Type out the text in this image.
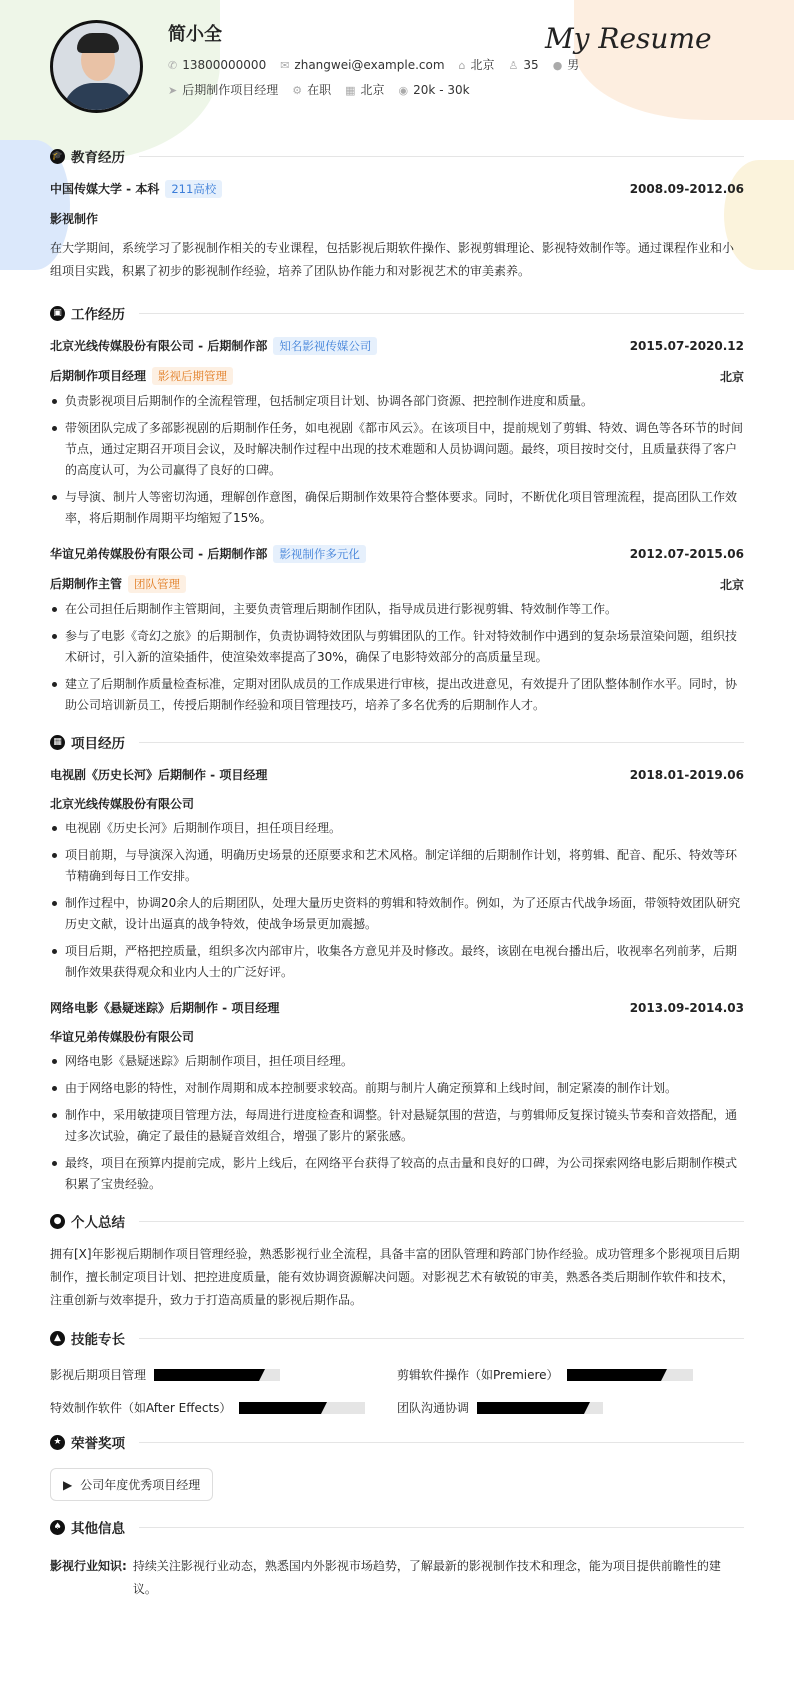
简小全	My Resume
✆ 13800000000 ✉ zhangwei@example.com ⌂ 北京 ♙ 35 ● 男
➤ 后期制作项目经理 ⚙ 在职 ▦ 北京 ◉ 20k - 30k
🎓 教育经历
中国传媒大学 - 本科 211高校	2008.09-2012.06
影视制作

在大学期间，系统学习了影视制作相关的专业课程，包括影视后期软件操作、影视剪辑理论、影视特效制作等。通过课程作业和小组项目实践，积累了初步的影视制作经验，培养了团队协作能力和对影视艺术的审美素养。

▣ 工作经历
北京光线传媒股份有限公司 - 后期制作部 知名影视传媒公司	2015.07-2020.12
后期制作项目经理 影视后期管理	北京
负责影视项目后期制作的全流程管理，包括制定项目计划、协调各部门资源、把控制作进度和质量。
带领团队完成了多部影视剧的后期制作任务，如电视剧《都市风云》。在该项目中，提前规划了剪辑、特效、调色等各环节的时间节点，通过定期召开项目会议，及时解决制作过程中出现的技术难题和人员协调问题。最终，项目按时交付，且质量获得了客户的高度认可，为公司赢得了良好的口碑。
与导演、制片人等密切沟通，理解创作意图，确保后期制作效果符合整体要求。同时，不断优化项目管理流程，提高团队工作效率，将后期制作周期平均缩短了15%。
华谊兄弟传媒股份有限公司 - 后期制作部 影视制作多元化	2012.07-2015.06
后期制作主管 团队管理	北京
在公司担任后期制作主管期间，主要负责管理后期制作团队，指导成员进行影视剪辑、特效制作等工作。
参与了电影《奇幻之旅》的后期制作，负责协调特效团队与剪辑团队的工作。针对特效制作中遇到的复杂场景渲染问题，组织技术研讨，引入新的渲染插件，使渲染效率提高了30%，确保了电影特效部分的高质量呈现。
建立了后期制作质量检查标准，定期对团队成员的工作成果进行审核，提出改进意见，有效提升了团队整体制作水平。同时，协助公司培训新员工，传授后期制作经验和项目管理技巧，培养了多名优秀的后期制作人才。
▦ 项目经历
电视剧《历史长河》后期制作 - 项目经理	2018.01-2019.06
北京光线传媒股份有限公司
电视剧《历史长河》后期制作项目，担任项目经理。
项目前期，与导演深入沟通，明确历史场景的还原要求和艺术风格。制定详细的后期制作计划，将剪辑、配音、配乐、特效等环节精确到每日工作安排。
制作过程中，协调20余人的后期团队，处理大量历史资料的剪辑和特效制作。例如，为了还原古代战争场面，带领特效团队研究历史文献，设计出逼真的战争特效，使战争场景更加震撼。
项目后期，严格把控质量，组织多次内部审片，收集各方意见并及时修改。最终，该剧在电视台播出后，收视率名列前茅，后期制作效果获得观众和业内人士的广泛好评。
网络电影《悬疑迷踪》后期制作 - 项目经理	2013.09-2014.03
华谊兄弟传媒股份有限公司
网络电影《悬疑迷踪》后期制作项目，担任项目经理。
由于网络电影的特性，对制作周期和成本控制要求较高。前期与制片人确定预算和上线时间，制定紧凑的制作计划。
制作中，采用敏捷项目管理方法，每周进行进度检查和调整。针对悬疑氛围的营造，与剪辑师反复探讨镜头节奏和音效搭配，通过多次试验，确定了最佳的悬疑音效组合，增强了影片的紧张感。
最终，项目在预算内提前完成，影片上线后，在网络平台获得了较高的点击量和良好的口碑，为公司探索网络电影后期制作模式积累了宝贵经验。
● 个人总结

拥有[X]年影视后期制作项目管理经验，熟悉影视行业全流程，具备丰富的团队管理和跨部门协作经验。成功管理多个影视项目后期制作，擅长制定项目计划、把控进度质量，能有效协调资源解决问题。对影视艺术有敏锐的审美，熟悉各类后期制作软件和技术，注重创新与效率提升，致力于打造高质量的影视后期作品。

▲ 技能专长
影视后期项目管理	剪辑软件操作（如Premiere）
特效制作软件（如After Effects）	团队沟通协调
★ 荣誉奖项
▶ 公司年度优秀项目经理
♠ 其他信息
影视行业知识: 持续关注影视行业动态，熟悉国内外影视市场趋势，了解最新的影视制作技术和理念，能为项目提供前瞻性的建议。
